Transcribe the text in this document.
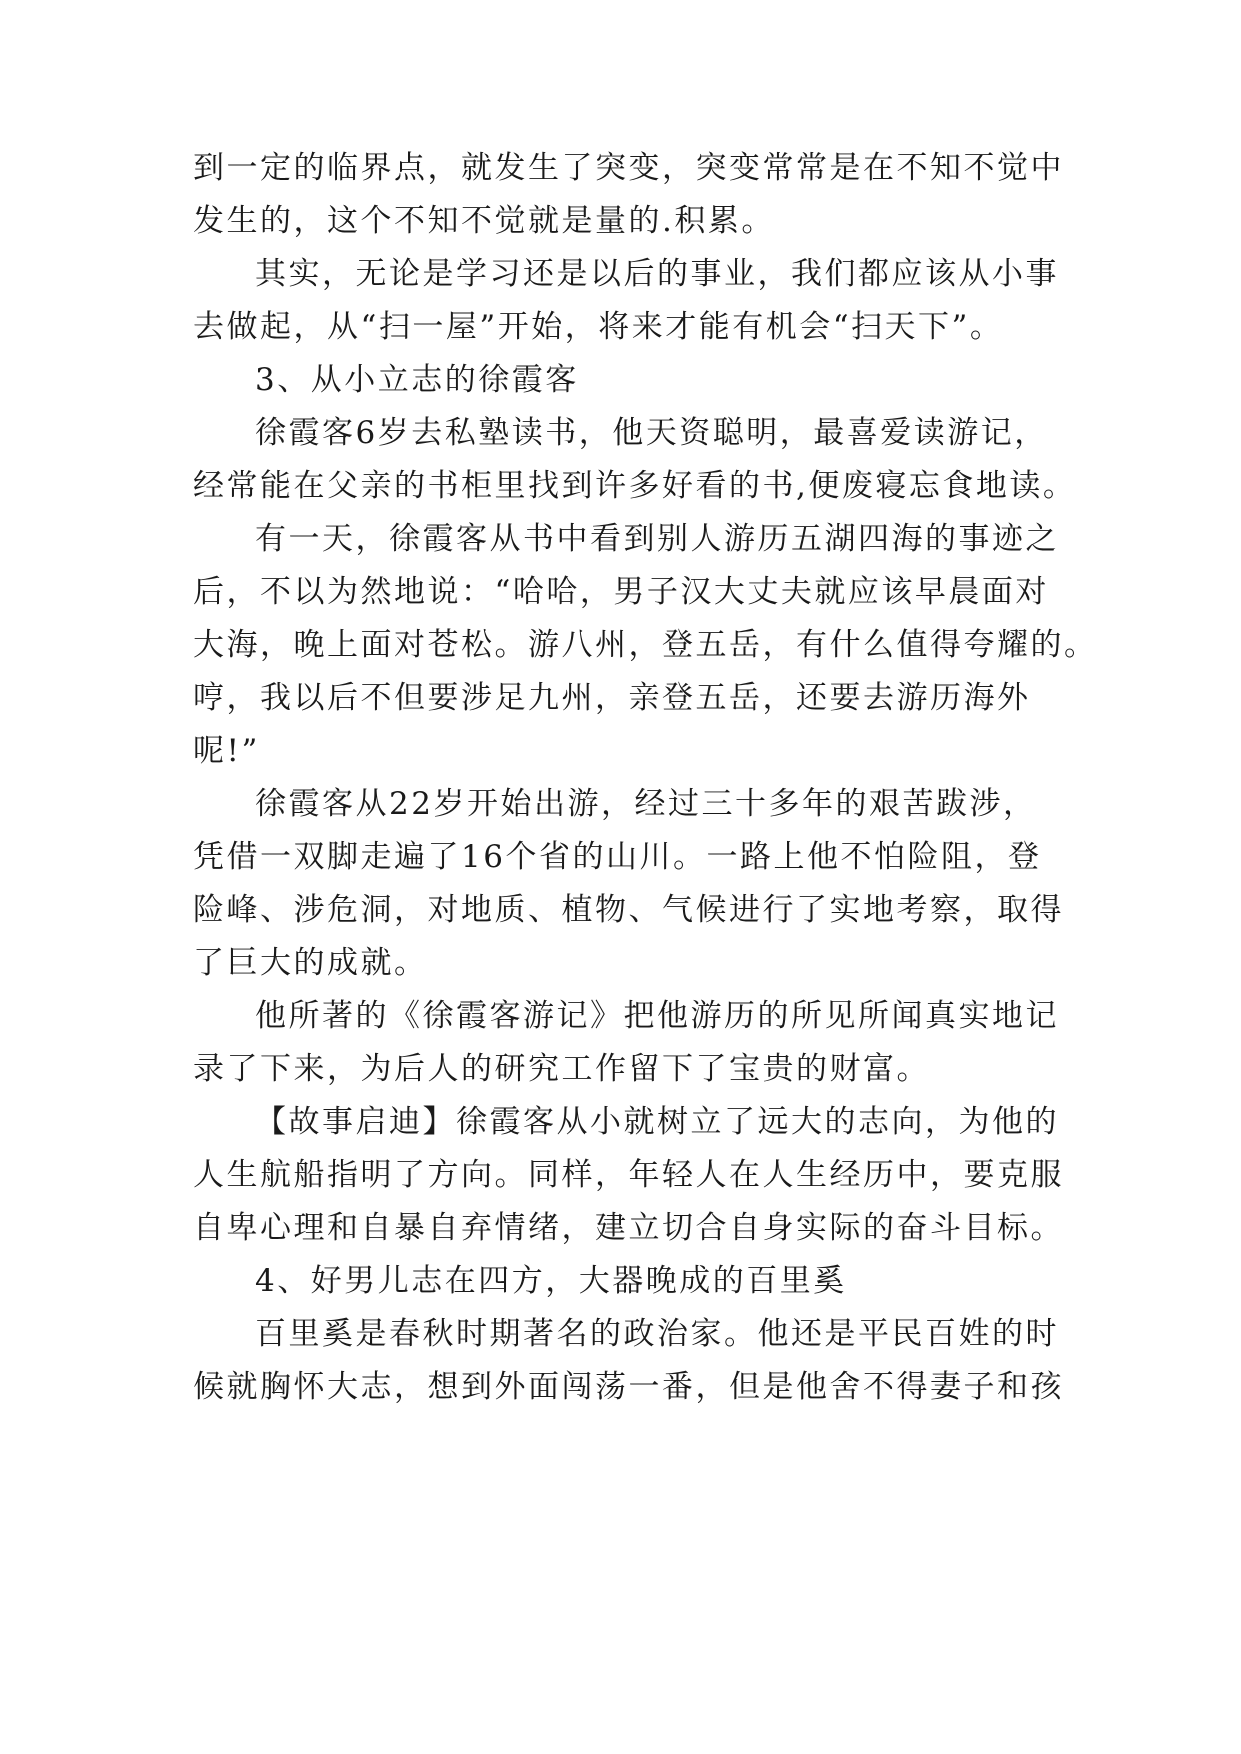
到一定的临界点，就发生了突变，突变常常是在不知不觉中
发生的，这个不知不觉就是量的.积累。
其实，无论是学习还是以后的事业，我们都应该从小事
去做起，从“扫一屋”开始，将来才能有机会“扫天下”。
3、从小立志的徐霞客
徐霞客6岁去私塾读书，他天资聪明，最喜爱读游记，
经常能在父亲的书柜里找到许多好看的书,便废寝忘食地读。
有一天，徐霞客从书中看到别人游历五湖四海的事迹之
后，不以为然地说：“哈哈，男子汉大丈夫就应该早晨面对
大海，晚上面对苍松。游八州，登五岳，有什么值得夸耀的。
哼，我以后不但要涉足九州，亲登五岳，还要去游历海外
呢!”
徐霞客从22岁开始出游，经过三十多年的艰苦跋涉，
凭借一双脚走遍了16个省的山川。一路上他不怕险阻，登
险峰、涉危洞，对地质、植物、气候进行了实地考察，取得
了巨大的成就。
他所著的《徐霞客游记》把他游历的所见所闻真实地记
录了下来，为后人的研究工作留下了宝贵的财富。
【故事启迪】徐霞客从小就树立了远大的志向，为他的
人生航船指明了方向。同样，年轻人在人生经历中，要克服
自卑心理和自暴自弃情绪，建立切合自身实际的奋斗目标。
4、好男儿志在四方，大器晚成的百里奚
百里奚是春秋时期著名的政治家。他还是平民百姓的时
候就胸怀大志，想到外面闯荡一番，但是他舍不得妻子和孩
